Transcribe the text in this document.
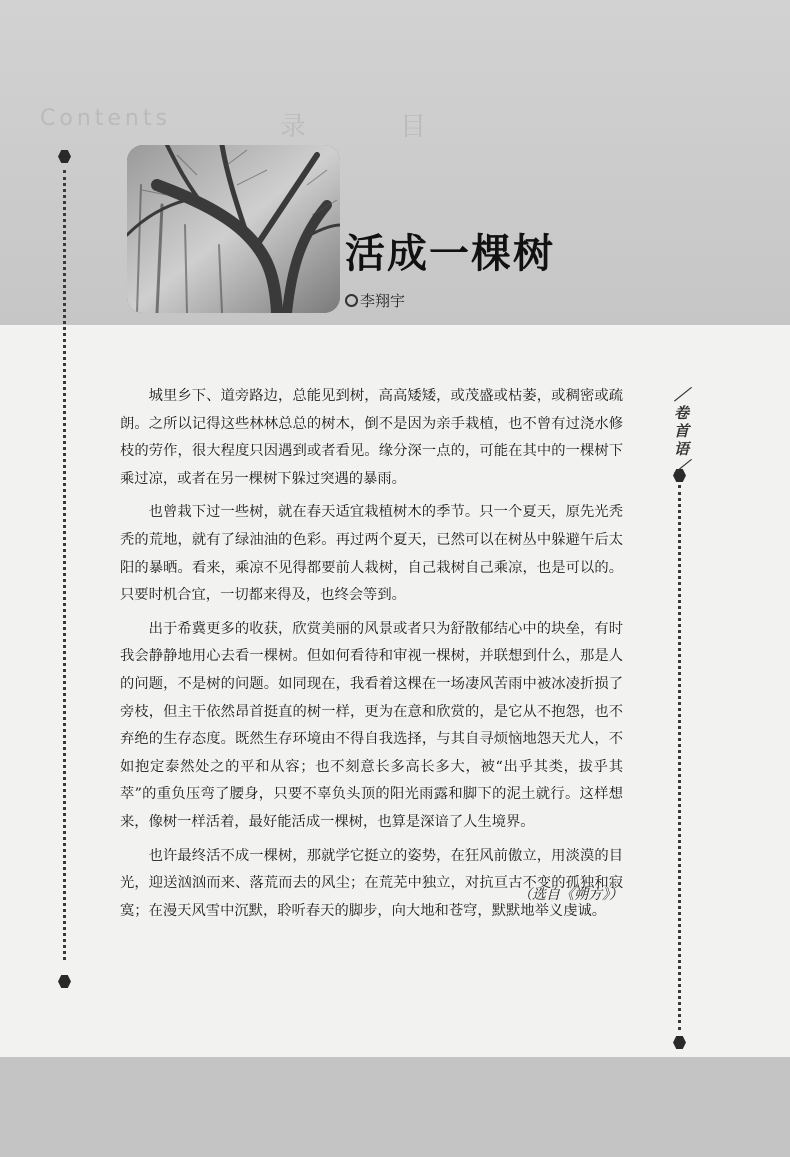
活成一棵树
李翔宇
／卷首语／

城里乡下、道旁路边，总能见到树，高高矮矮，或茂盛或枯萎，或稠密或疏朗。之所以记得这些林林总总的树木，倒不是因为亲手栽植，也不曾有过浇水修枝的劳作，很大程度只因遇到或者看见。缘分深一点的，可能在其中的一棵树下乘过凉，或者在另一棵树下躲过突遇的暴雨。

也曾栽下过一些树，就在春天适宜栽植树木的季节。只一个夏天，原先光秃秃的荒地，就有了绿油油的色彩。再过两个夏天，已然可以在树丛中躲避午后太阳的暴晒。看来，乘凉不见得都要前人栽树，自己栽树自己乘凉，也是可以的。只要时机合宜，一切都来得及，也终会等到。

出于希冀更多的收获，欣赏美丽的风景或者只为舒散郁结心中的块垒，有时我会静静地用心去看一棵树。但如何看待和审视一棵树，并联想到什么，那是人的问题，不是树的问题。如同现在，我看着这棵在一场凄风苦雨中被冰凌折损了旁枝，但主干依然昂首挺直的树一样，更为在意和欣赏的，是它从不抱怨，也不弃绝的生存态度。既然生存环境由不得自我选择，与其自寻烦恼地怨天尤人，不如抱定泰然处之的平和从容；也不刻意长多高长多大，被“出乎其类，拔乎其萃”的重负压弯了腰身，只要不辜负头顶的阳光雨露和脚下的泥土就行。这样想来，像树一样活着，最好能活成一棵树，也算是深谙了人生境界。

也许最终活不成一棵树，那就学它挺立的姿势，在狂风前傲立，用淡漠的目光，迎送汹汹而来、落荒而去的风尘；在荒芜中独立，对抗亘古不变的孤独和寂寞；在漫天风雪中沉默，聆听春天的脚步，向大地和苍穹，默默地举义虔诚。

（选自《朔方》）
